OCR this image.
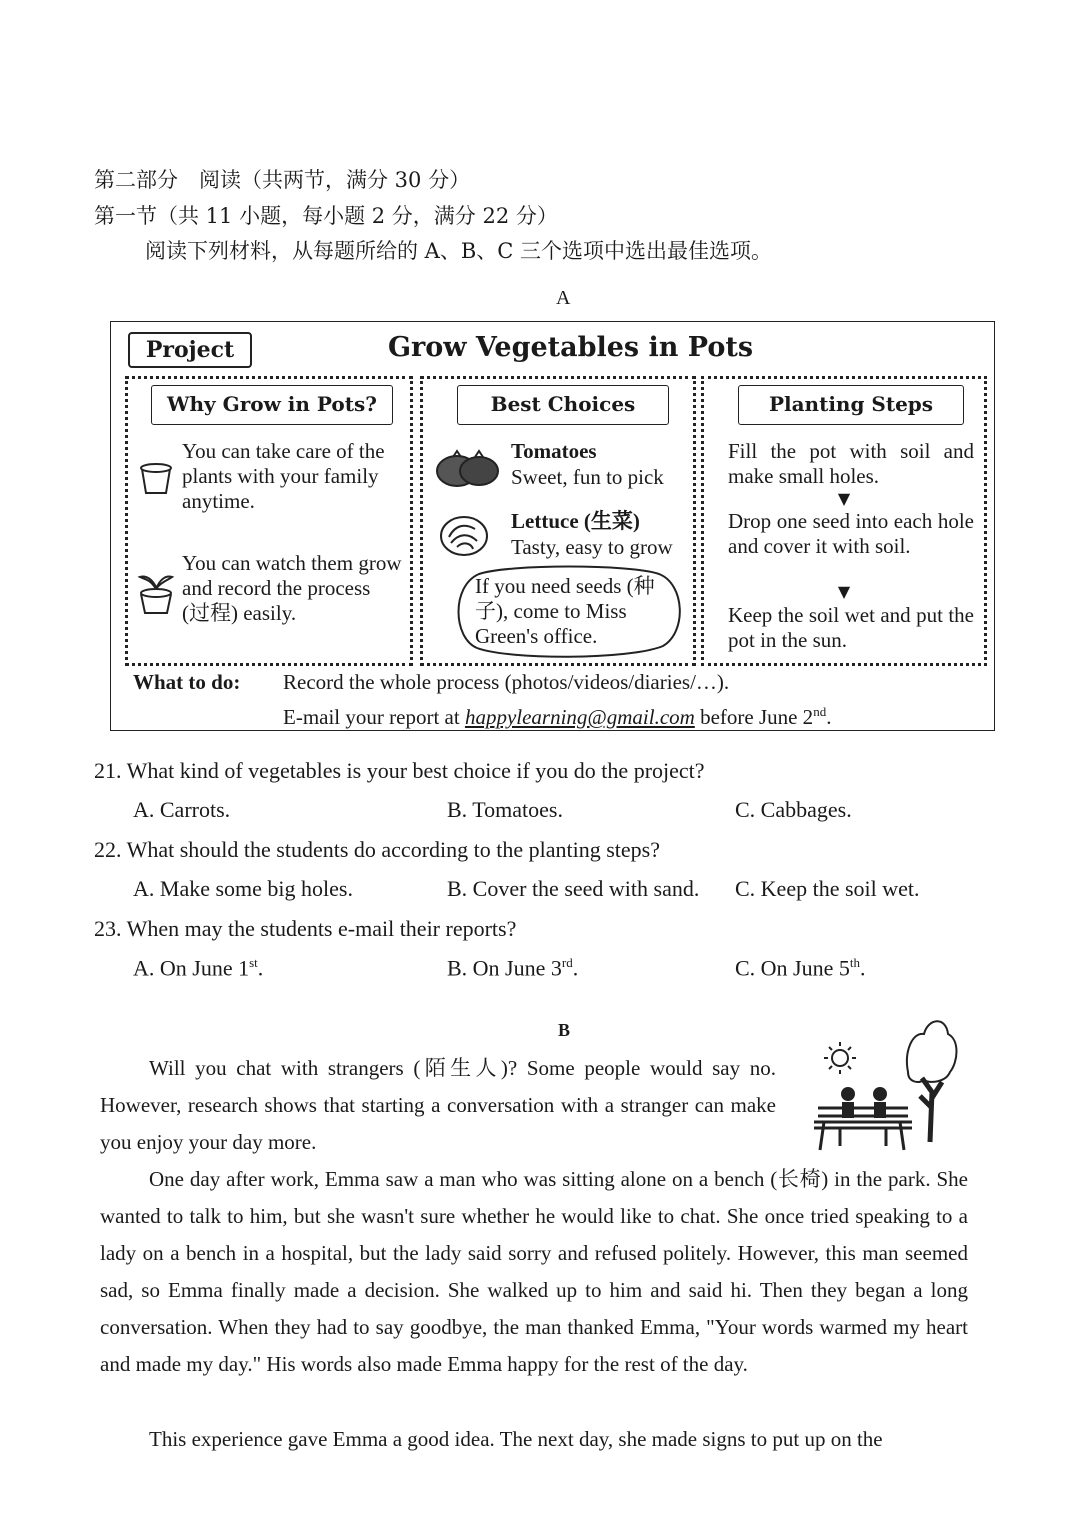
第二部分　阅读（共两节，满分 30 分）
第一节（共 11 小题，每小题 2 分，满分 22 分）
阅读下列材料，从每题所给的 A、B、C 三个选项中选出最佳选项。
A
Project	Grow Vegetables in Pots
Why Grow in Pots?
You can take care of the plants with your family anytime.
You can watch them grow and record the process (过程) easily.
Best Choices
Tomatoes
Sweet, fun to pick
Lettuce (生菜)
Tasty, easy to grow
If you need seeds (种子), come to Miss Green's office.
Planting Steps
Fill the pot with soil and make small holes.
▼
Drop one seed into each hole and cover it with soil.
▼
Keep the soil wet and put the pot in the sun.
What to do: Record the whole process (photos/videos/diaries/…).
E-mail your report at happylearning@gmail.com before June 2nd.
21. What kind of vegetables is your best choice if you do the project?
A. Carrots.	B. Tomatoes.	C. Cabbages.
22. What should the students do according to the planting steps?
A. Make some big holes.	B. Cover the seed with sand. C. Keep the soil wet.
23. When may the students e-mail their reports?
A. On June 1st.	B. On June 3rd.	C. On June 5th.
B
Will you chat with strangers (陌生人)? Some people would say no. However, research shows that starting a conversation with a stranger can make you enjoy your day more.
One day after work, Emma saw a man who was sitting alone on a bench (长椅) in the park. She wanted to talk to him, but she wasn't sure whether he would like to chat. She once tried speaking to a lady on a bench in a hospital, but the lady said sorry and refused politely. However, this man seemed sad, so Emma finally made a decision. She walked up to him and said hi. Then they began a long conversation. When they had to say goodbye, the man thanked Emma, "Your words warmed my heart and made my day." His words also made Emma happy for the rest of the day.
This experience gave Emma a good idea. The next day, she made signs to put up on the
